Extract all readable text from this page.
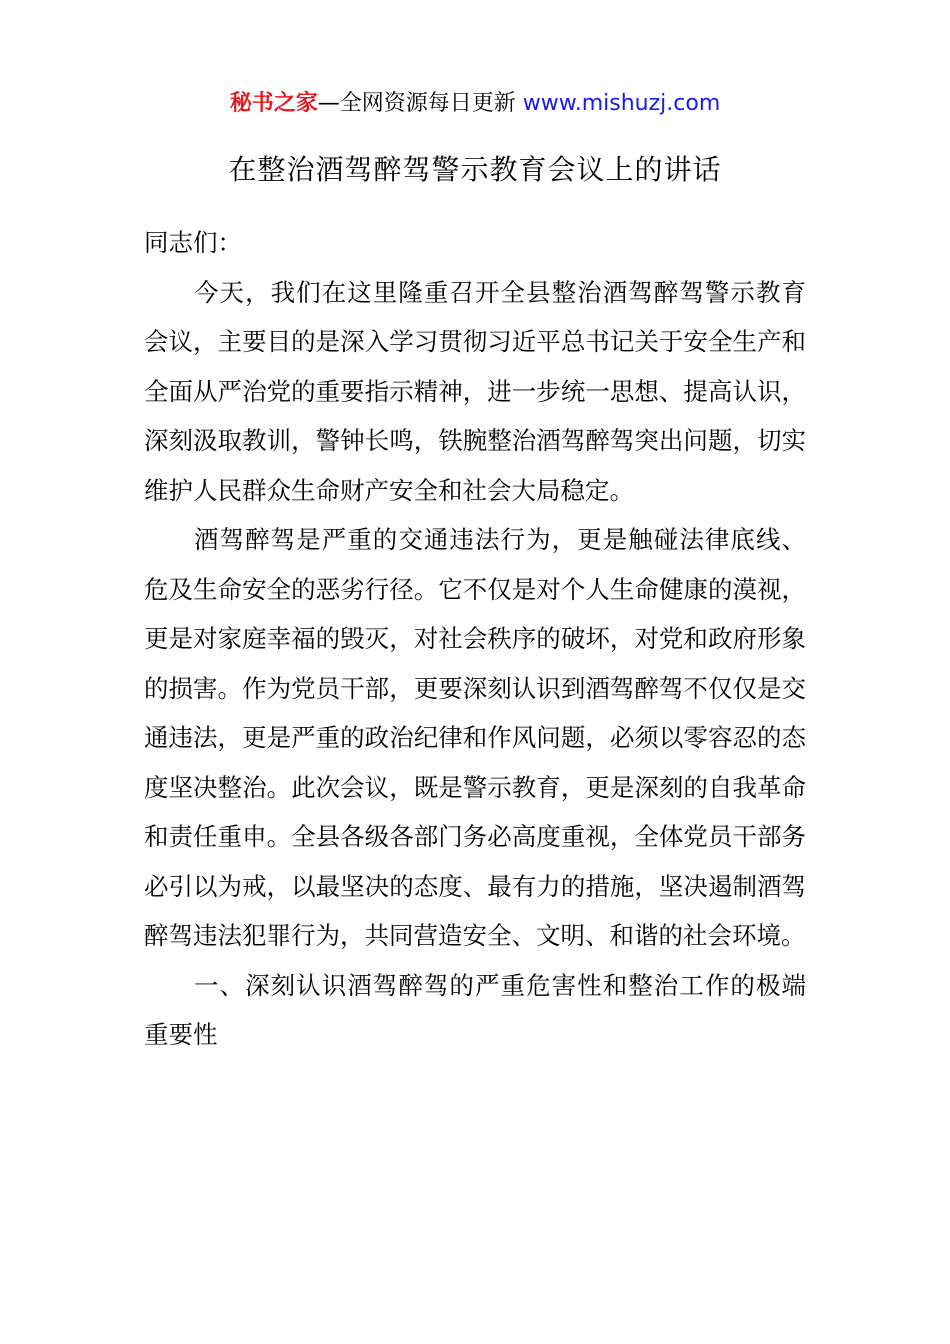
秘书之家—全网资源每日更新 www.mishuzj.com
在整治酒驾醉驾警示教育会议上的讲话

同志们：

今天，我们在这里隆重召开全县整治酒驾醉驾警示教育会议，主要目的是深入学习贯彻习近平总书记关于安全生产和全面从严治党的重要指示精神，进一步统一思想、提高认识，深刻汲取教训，警钟长鸣，铁腕整治酒驾醉驾突出问题，切实维护人民群众生命财产安全和社会大局稳定。

酒驾醉驾是严重的交通违法行为，更是触碰法律底线、危及生命安全的恶劣行径。它不仅是对个人生命健康的漠视，更是对家庭幸福的毁灭，对社会秩序的破坏，对党和政府形象的损害。作为党员干部，更要深刻认识到酒驾醉驾不仅仅是交通违法，更是严重的政治纪律和作风问题，必须以零容忍的态度坚决整治。此次会议，既是警示教育，更是深刻的自我革命和责任重申。全县各级各部门务必高度重视，全体党员干部务必引以为戒，以最坚决的态度、最有力的措施，坚决遏制酒驾醉驾违法犯罪行为，共同营造安全、文明、和谐的社会环境。

一、深刻认识酒驾醉驾的严重危害性和整治工作的极端重要性
